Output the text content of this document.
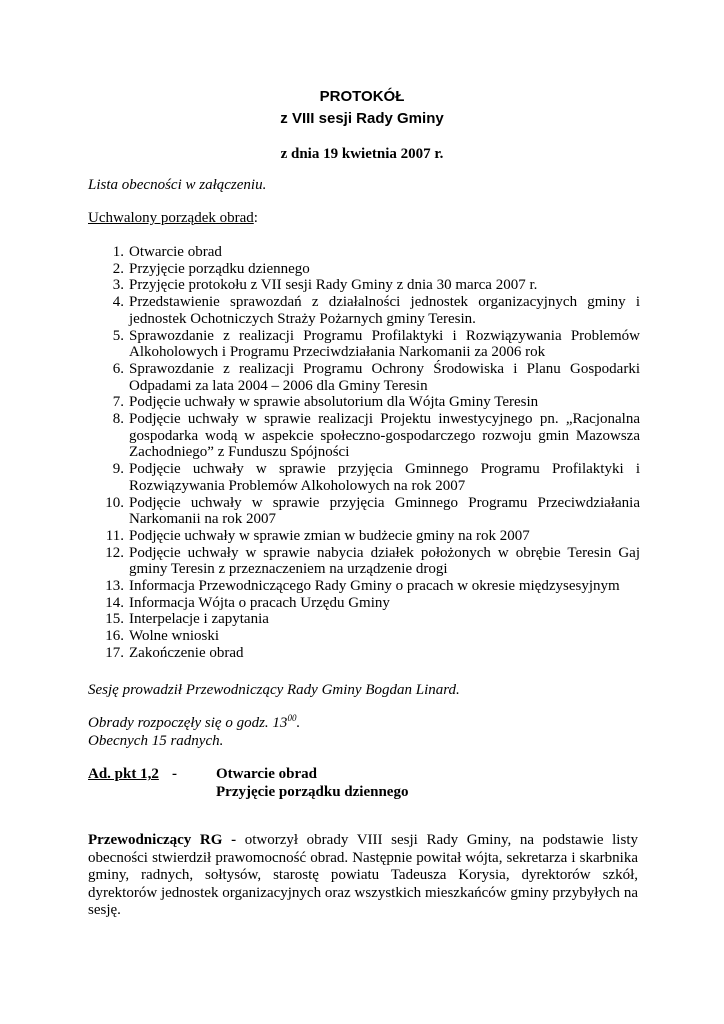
PROTOKÓŁ
z VIII sesji Rady Gminy
z dnia 19 kwietnia 2007 r.
Lista obecności w załączeniu.
Uchwalony porządek obrad:
1. Otwarcie obrad
2. Przyjęcie porządku dziennego
3. Przyjęcie protokołu z VII sesji Rady Gminy z dnia 30 marca 2007 r.
4. Przedstawienie sprawozdań z działalności jednostek organizacyjnych gminy i jednostek Ochotniczych Straży Pożarnych gminy Teresin.
5. Sprawozdanie z realizacji Programu Profilaktyki i Rozwiązywania Problemów Alkoholowych i Programu Przeciwdziałania Narkomanii za 2006 rok
6. Sprawozdanie z realizacji Programu Ochrony Środowiska i Planu Gospodarki Odpadami za lata 2004 – 2006 dla Gminy Teresin
7. Podjęcie uchwały w sprawie absolutorium dla Wójta Gminy Teresin
8. Podjęcie uchwały w sprawie realizacji Projektu inwestycyjnego pn. „Racjonalna gospodarka wodą w aspekcie społeczno-gospodarczego rozwoju gmin Mazowsza Zachodniego” z Funduszu Spójności
9. Podjęcie uchwały w sprawie przyjęcia Gminnego Programu Profilaktyki i Rozwiązywania Problemów Alkoholowych na rok 2007
10. Podjęcie uchwały w sprawie przyjęcia Gminnego Programu Przeciwdziałania Narkomanii na rok 2007
11. Podjęcie uchwały w sprawie zmian w budżecie gminy na rok 2007
12. Podjęcie uchwały w sprawie nabycia działek położonych w obrębie Teresin Gaj gminy Teresin z przeznaczeniem na urządzenie drogi
13. Informacja Przewodniczącego Rady Gminy o pracach w okresie międzysesyjnym
14. Informacja Wójta o pracach Urzędu Gminy
15. Interpelacje i zapytania
16. Wolne wnioski
17. Zakończenie obrad
Sesję prowadził Przewodniczący Rady Gminy Bogdan Linard.
Obrady rozpoczęły się o godz. $13^{00}$.
Obecnych 15 radnych.
Ad. pkt 1,2 -	Otwarcie obrad
Przyjęcie porządku dziennego
Przewodniczący RG - otworzył obrady VIII sesji Rady Gminy, na podstawie listy obecności stwierdził prawomocność obrad. Następnie powitał wójta, sekretarza i skarbnika gminy, radnych, sołtysów, starostę powiatu Tadeusza Korysia, dyrektorów szkół, dyrektorów jednostek organizacyjnych oraz wszystkich mieszkańców gminy przybyłych na sesję.
